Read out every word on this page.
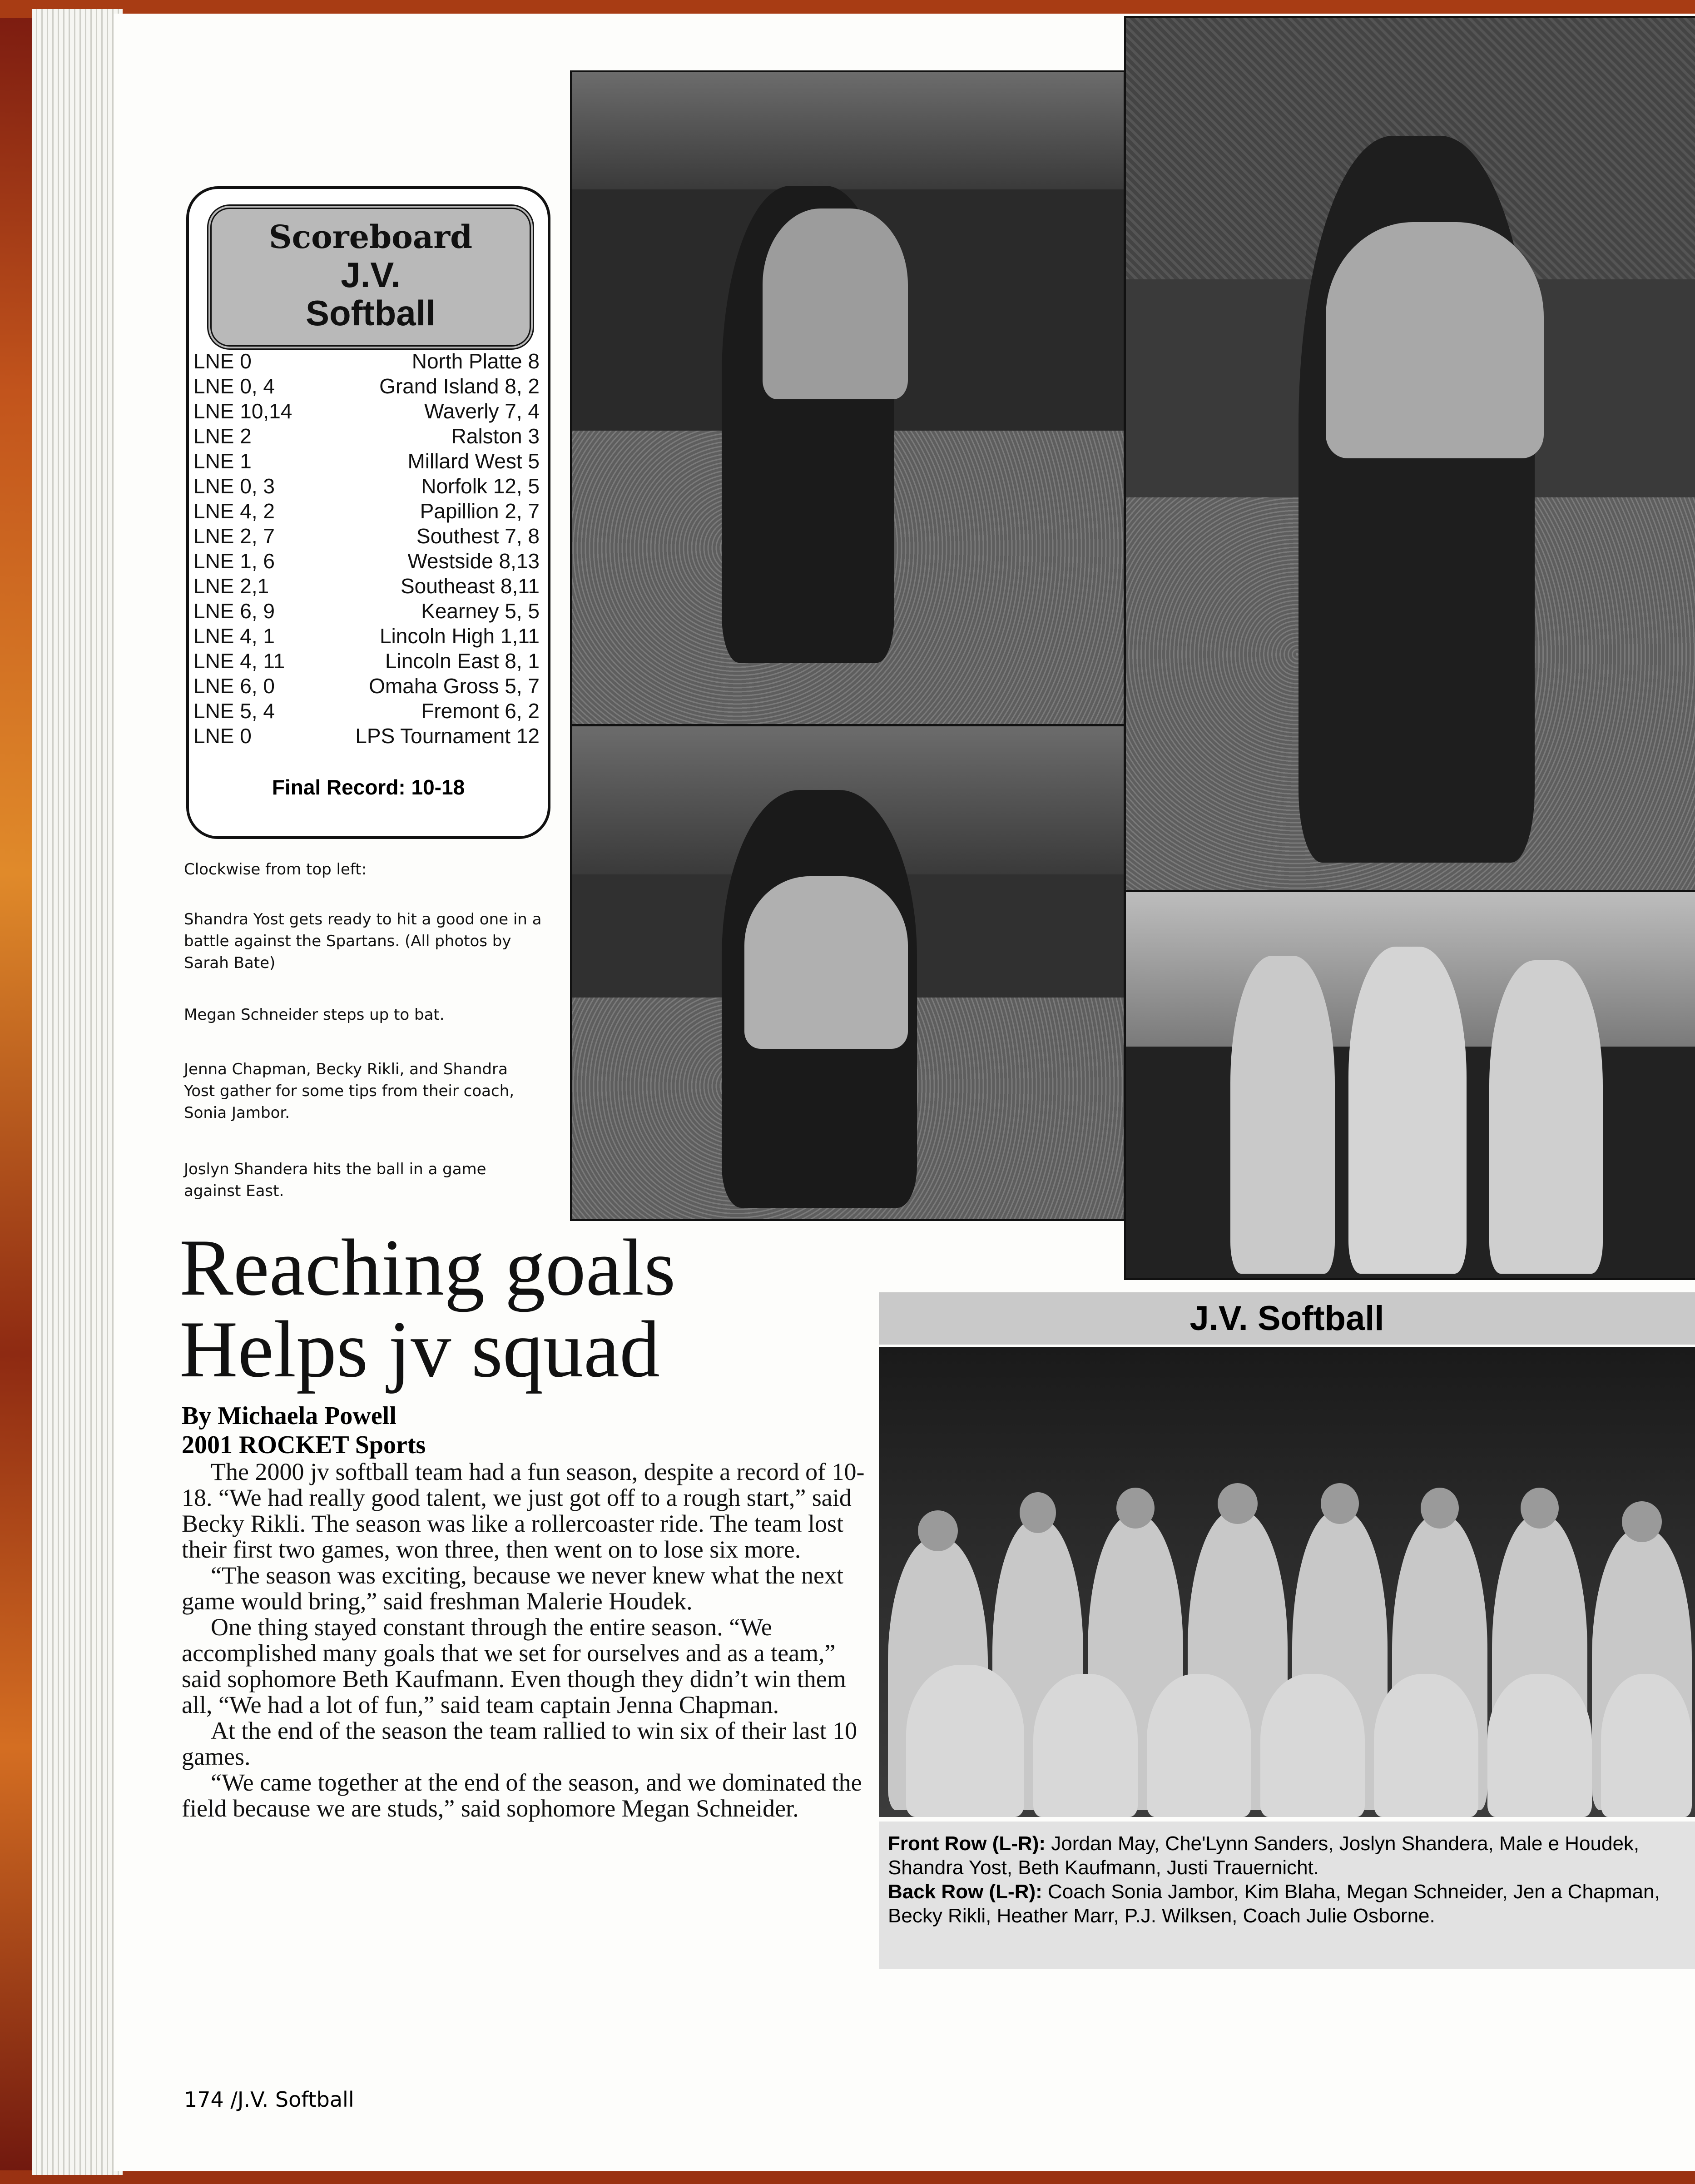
Scoreboard
J.V.
Softball
LNE 0	North Platte 8
LNE 0, 4	Grand Island 8, 2
LNE 10,14	Waverly 7, 4
LNE 2	Ralston 3
LNE 1	Millard West 5
LNE 0, 3	Norfolk 12, 5
LNE 4, 2	Papillion 2, 7
LNE 2, 7	Southest 7, 8
LNE 1, 6	Westside 8,13
LNE 2,1	Southeast 8,11
LNE 6, 9	Kearney 5, 5
LNE 4, 1	Lincoln High 1,11
LNE 4, 11	Lincoln East 8, 1
LNE 6, 0	Omaha Gross 5, 7
LNE 5, 4	Fremont 6, 2
LNE 0	LPS Tournament 12
Final Record: 10-18
Clockwise from top left:
Shandra Yost gets ready to hit a good one in a battle against the Spartans. (All photos by Sarah Bate)
Megan Schneider steps up to bat.
Jenna Chapman, Becky Rikli, and Shandra Yost gather for some tips from their coach, Sonia Jambor.
Joslyn Shandera hits the ball in a game against East.
Reaching goals
Helps jv squad
By Michaela Powell
2001 ROCKET Sports

The 2000 jv softball team had a fun season, despite a record of 10-18. “We had really good talent, we just got off to a rough start,” said Becky Rikli. The season was like a rollercoaster ride. The team lost their first two games, won three, then went on to lose six more.

“The season was exciting, because we never knew what the next game would bring,” said freshman Malerie Houdek.

One thing stayed constant through the entire season. “We accomplished many goals that we set for ourselves and as a team,” said sophomore Beth Kaufmann. Even though they didn’t win them all, “We had a lot of fun,” said team captain Jenna Chapman.

At the end of the season the team rallied to win six of their last 10 games.

“We came together at the end of the season, and we dominated the field because we are studs,” said sophomore Megan Schneider.

J.V. Softball
Front Row (L-R): Jordan May, Che'Lynn Sanders, Joslyn Shandera, Male e Houdek, Shandra Yost, Beth Kaufmann, Justi Trauernicht.
Back Row (L-R): Coach Sonia Jambor, Kim Blaha, Megan Schneider, Jen a Chapman, Becky Rikli, Heather Marr, P.J. Wilksen, Coach Julie Osborne.
174 /J.V. Softball
